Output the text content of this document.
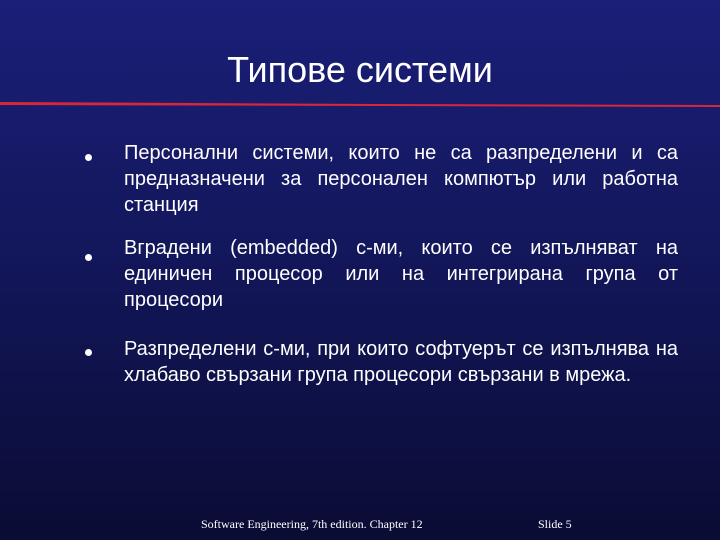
Типове системи
Персонални системи, които не са разпределени и са предназначени за персонален компютър или работна станция
Вградени (embedded) с-ми, които се изпълняват на единичен процесор или на интегрирана група от процесори
Разпределени с-ми, при които софтуерът се изпълнява на хлабаво свързани група процесори свързани в мрежа.
Software Engineering, 7th edition. Chapter 12	Slide 5
